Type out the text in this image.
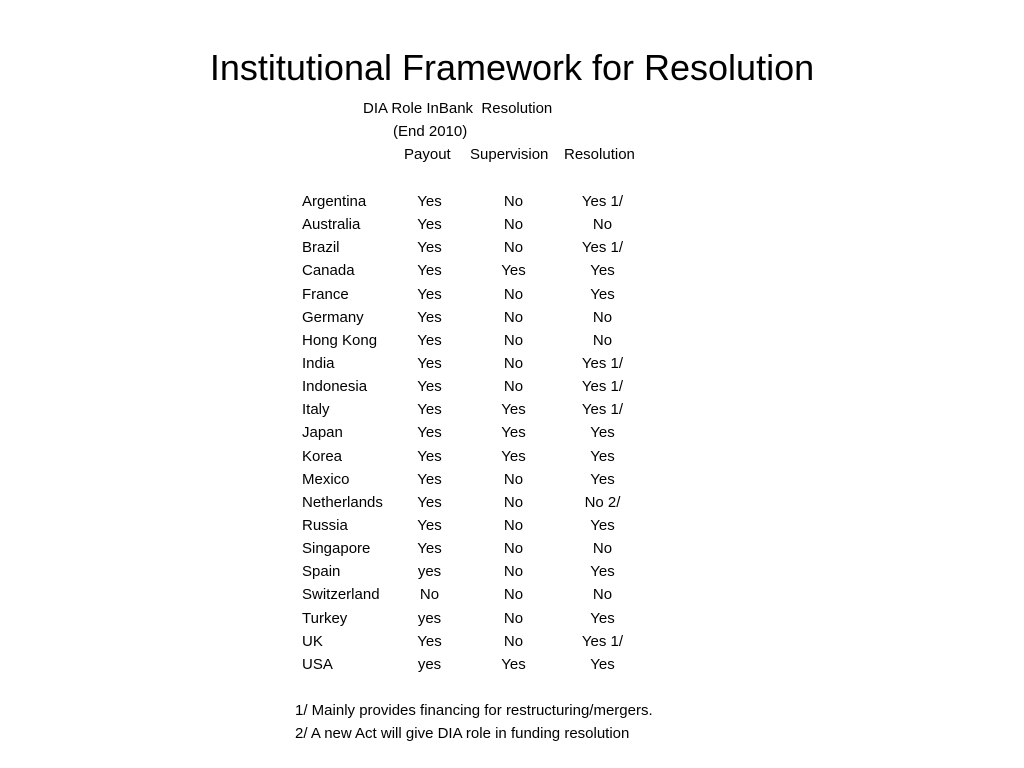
Institutional Framework for Resolution
DIA Role InBank  Resolution
(End 2010)
Payout Supervision Resolution
Argentina	Yes	No	Yes 1/
Australia	Yes	No	No
Brazil	Yes	No	Yes 1/
Canada	Yes	Yes	Yes
France	Yes	No	Yes
Germany	Yes	No	No
Hong Kong	Yes	No	No
India	Yes	No	Yes 1/
Indonesia	Yes	No	Yes 1/
Italy	Yes	Yes	Yes 1/
Japan	Yes	Yes	Yes
Korea	Yes	Yes	Yes
Mexico	Yes	No	Yes
Netherlands	Yes	No	No 2/
Russia	Yes	No	Yes
Singapore	Yes	No	No
Spain	yes	No	Yes
Switzerland	No	No	No
Turkey	yes	No	Yes
UK	Yes	No	Yes 1/
USA	yes	Yes	Yes
1/ Mainly provides financing for restructuring/mergers.
2/ A new Act will give DIA role in funding resolution
